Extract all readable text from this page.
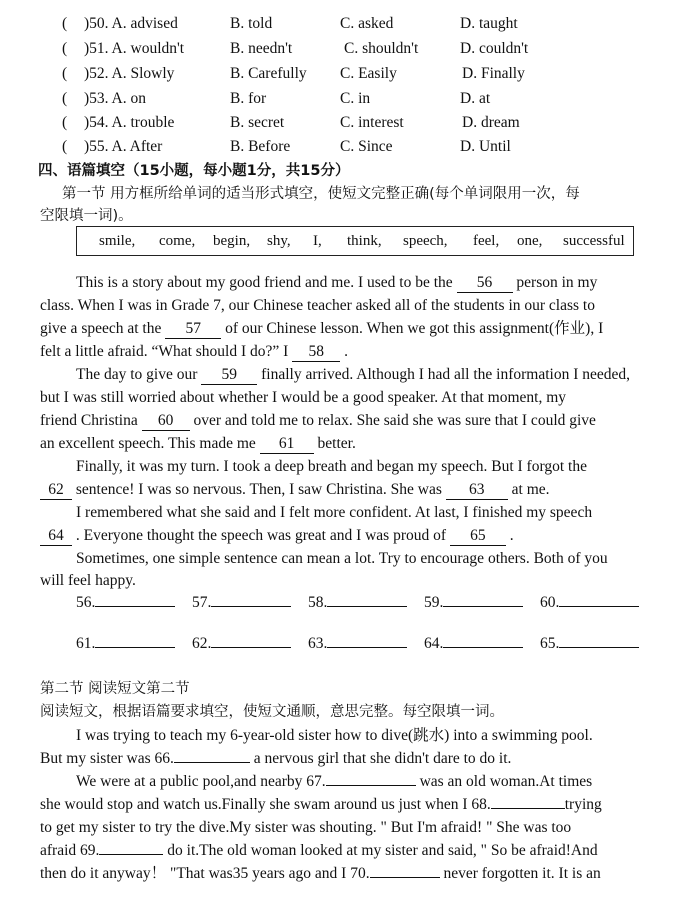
( )50. A. advised	B. told	C. asked	D. taught
( )51. A. wouldn't	B. needn't	C. shouldn't	D. couldn't
( )52. A. Slowly	B. Carefully C. Easily	D. Finally
( )53. A. on	B. for	C. in	D. at
( )54. A. trouble	B. secret	C. interest	D. dream
( )55. A. After	B. Before	C. Since	D. Until
四、语篇填空（15小题，每小题1分，共15分）
第一节 用方框所给单词的适当形式填空，使短文完整正确(每个单词限用一次，每
空限填一词)。
smile, come, begin, shy, I, think, speech, feel, one, successful
This is a story about my good friend and me. I used to be the 56 person in my
class. When I was in Grade 7, our Chinese teacher asked all of the students in our class to
give a speech at the 57 of our Chinese lesson. When we got this assignment(作业), I
felt a little afraid. “What should I do?” I 58 .
The day to give our 59 finally arrived. Although I had all the information I needed,
but I was still worried about whether I would be a good speaker. At that moment, my
friend Christina 60 over and told me to relax. She said she was sure that I could give
an excellent speech. This made me 61 better.
Finally, it was my turn. I took a deep breath and began my speech. But I forgot the
62 sentence! I was so nervous. Then, I saw Christina. She was 63 at me.
I remembered what she said and I felt more confident. At last, I finished my speech
64 . Everyone thought the speech was great and I was proud of 65 .
Sometimes, one simple sentence can mean a lot. Try to encourage others. Both of you
will feel happy.
56.	57.	58.	59.	60.
61.	62.	63.	64.	65.
第二节 阅读短文第二节
阅读短文，根据语篇要求填空，使短文通顺，意思完整。每空限填一词。
I was trying to teach my 6-year-old sister how to dive(跳水) into a swimming pool.
But my sister was 66.	a nervous girl that she didn't dare to do it.
We were at a public pool,and nearby 67.	was an old woman.At times
she would stop and watch us.Finally she swam around us just when I 68.	trying
to get my sister to try the dive.My sister was shouting. " But I'm afraid! " She was too
afraid 69.	do it.The old woman looked at my sister and said, " So be afraid!And
then do it anyway！ "That was35 years ago and I 70.	never forgotten it. It is an
